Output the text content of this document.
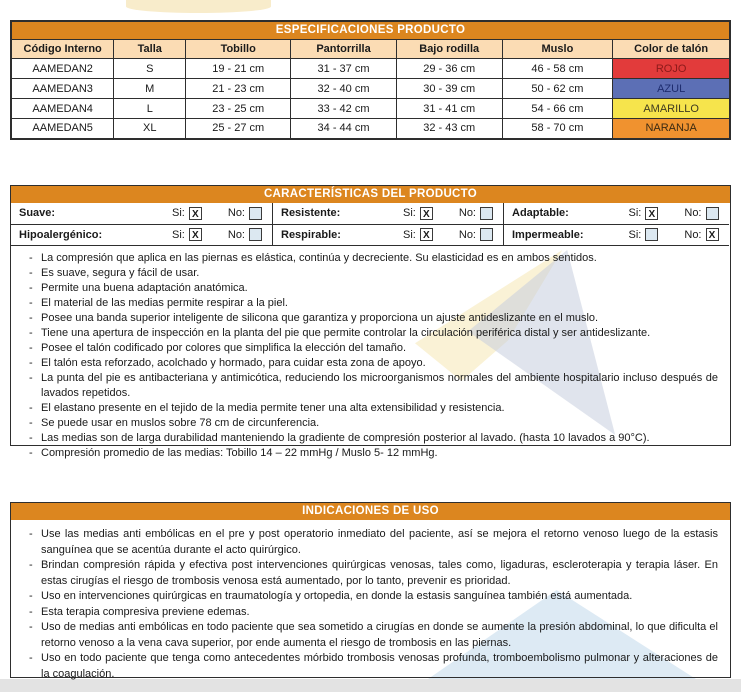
ESPECIFICACIONES PRODUCTO						

Código Interno	Talla	Tobillo	Pantorrilla	Bajo rodilla	Muslo	Color de talón
AAMEDAN2	S	19 - 21 cm	31 - 37 cm	29 - 36 cm	46 - 58 cm	ROJO
AAMEDAN3	M	21 - 23 cm	32 - 40 cm	30 - 39 cm	50 - 62 cm	AZUL
AAMEDAN4	L	23 - 25 cm	33 - 42 cm	31 - 41 cm	54 - 66 cm	AMARILLO
AAMEDAN5	XL	25 - 27 cm	34 - 44 cm	32 - 43 cm	58 - 70 cm	NARANJA
CARACTERÍSTICAS DEL PRODUCTO
Suave:	Si: X	No:	Resistente:	Si: X	No:	Adaptable:	Si: X	No:
Hipoalergénico:	Si: X	No:	Respirable:	Si: X	No:	Impermeable:	Si:	No: X
- La compresión que aplica en las piernas es elástica, continúa y decreciente. Su elasticidad es en ambos sentidos.
- Es suave, segura y fácil de usar.
- Permite una buena adaptación anatómica.
- El material de las medias permite respirar a la piel.
- Posee una banda superior inteligente de silicona que garantiza y proporciona un ajuste antideslizante en el muslo.
- Tiene una apertura de inspección en la planta del pie que permite controlar la circulación periférica distal y ser antideslizante.
- Posee el talón codificado por colores que simplifica la elección del tamaño.
- El talón esta reforzado, acolchado y hormado, para cuidar esta zona de apoyo.
- La punta del pie es antibacteriana y antimicótica, reduciendo los microorganismos normales del ambiente hospitalario incluso después de lavados repetidos.
- El elastano presente en el tejido de la media permite tener una alta extensibilidad y resistencia.
- Se puede usar en muslos sobre 78 cm de circunferencia.
- Las medias son de larga durabilidad manteniendo la gradiente de compresión posterior al lavado. (hasta 10 lavados a 90°C).
- Compresión promedio de las medias: Tobillo 14 – 22 mmHg / Muslo 5- 12 mmHg.
INDICACIONES DE USO
- Use las medias anti embólicas en el pre y post operatorio inmediato del paciente, así se mejora el retorno venoso luego de la estasis sanguínea que se acentúa durante el acto quirúrgico.
- Brindan compresión rápida y efectiva post intervenciones quirúrgicas venosas, tales como, ligaduras, escleroterapia y terapia láser. En estas cirugías el riesgo de trombosis venosa está aumentado, por lo tanto, prevenir es prioridad.
- Uso en intervenciones quirúrgicas en traumatología y ortopedia, en donde la estasis sanguínea también está aumentada.
- Esta terapia compresiva previene edemas.
- Uso de medias anti embólicas en todo paciente que sea sometido a cirugías en donde se aumente la presión abdominal, lo que dificulta el retorno venoso a la vena cava superior, por ende aumenta el riesgo de trombosis en las piernas.
- Uso en todo paciente que tenga como antecedentes mórbido trombosis venosas profunda, tromboembolismo pulmonar y alteraciones de la coagulación.
